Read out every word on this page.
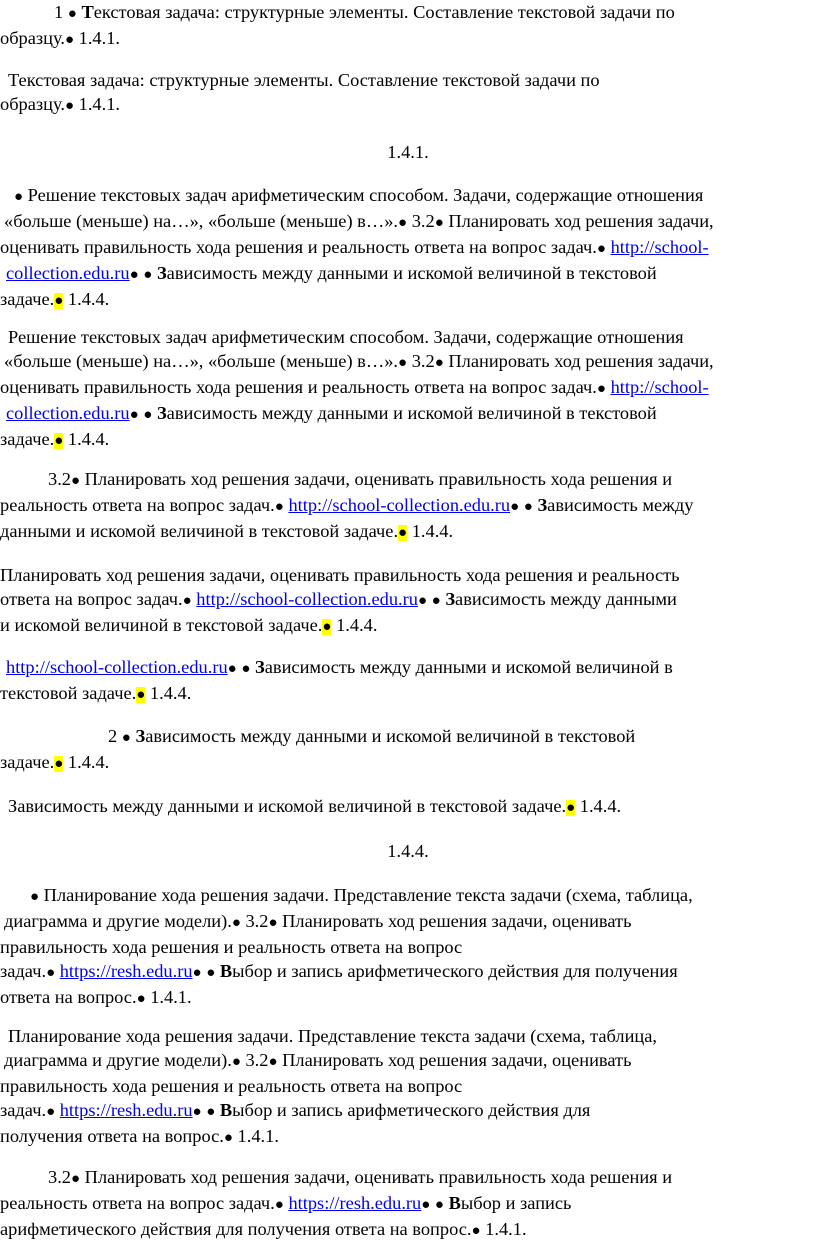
1 ● Текстовая задача: структурные элементы. Составление текстовой задачи по
образцу.● 1.4.1.
Текстовая задача: структурные элементы. Составление текстовой задачи по
образцу.● 1.4.1.
1.4.1.
● Решение текстовых задач арифметическим способом. Задачи, содержащие отношения
«больше (меньше) на…», «больше (меньше) в…».● 3.2● Планировать ход решения задачи,
оценивать правильность хода решения и реальность ответа на вопрос задач.● http://school-
collection.edu.ru● ● Зависимость между данными и искомой величиной в текстовой
задаче.● 1.4.4.
Решение текстовых задач арифметическим способом. Задачи, содержащие отношения
«больше (меньше) на…», «больше (меньше) в…».● 3.2● Планировать ход решения задачи,
оценивать правильность хода решения и реальность ответа на вопрос задач.● http://school-
collection.edu.ru● ● Зависимость между данными и искомой величиной в текстовой
задаче.● 1.4.4.
3.2● Планировать ход решения задачи, оценивать правильность хода решения и
реальность ответа на вопрос задач.● http://school-collection.edu.ru● ● Зависимость между
данными и искомой величиной в текстовой задаче.● 1.4.4.
Планировать ход решения задачи, оценивать правильность хода решения и реальность
ответа на вопрос задач.● http://school-collection.edu.ru● ● Зависимость между данными
и искомой величиной в текстовой задаче.● 1.4.4.
http://school-collection.edu.ru● ● Зависимость между данными и искомой величиной в
текстовой задаче.● 1.4.4.
2 ● Зависимость между данными и искомой величиной в текстовой
задаче.● 1.4.4.
Зависимость между данными и искомой величиной в текстовой задаче.● 1.4.4.
1.4.4.
● Планирование хода решения задачи. Представление текста задачи (схема, таблица,
диаграмма и другие модели).● 3.2● Планировать ход решения задачи, оценивать
правильность хода решения и реальность ответа на вопрос
задач.● https://resh.edu.ru● ● Выбор и запись арифметического действия для получения
ответа на вопрос.● 1.4.1.
Планирование хода решения задачи. Представление текста задачи (схема, таблица,
диаграмма и другие модели).● 3.2● Планировать ход решения задачи, оценивать
правильность хода решения и реальность ответа на вопрос
задач.● https://resh.edu.ru● ● Выбор и запись арифметического действия для
получения ответа на вопрос.● 1.4.1.
3.2● Планировать ход решения задачи, оценивать правильность хода решения и
реальность ответа на вопрос задач.● https://resh.edu.ru● ● Выбор и запись
арифметического действия для получения ответа на вопрос.● 1.4.1.
